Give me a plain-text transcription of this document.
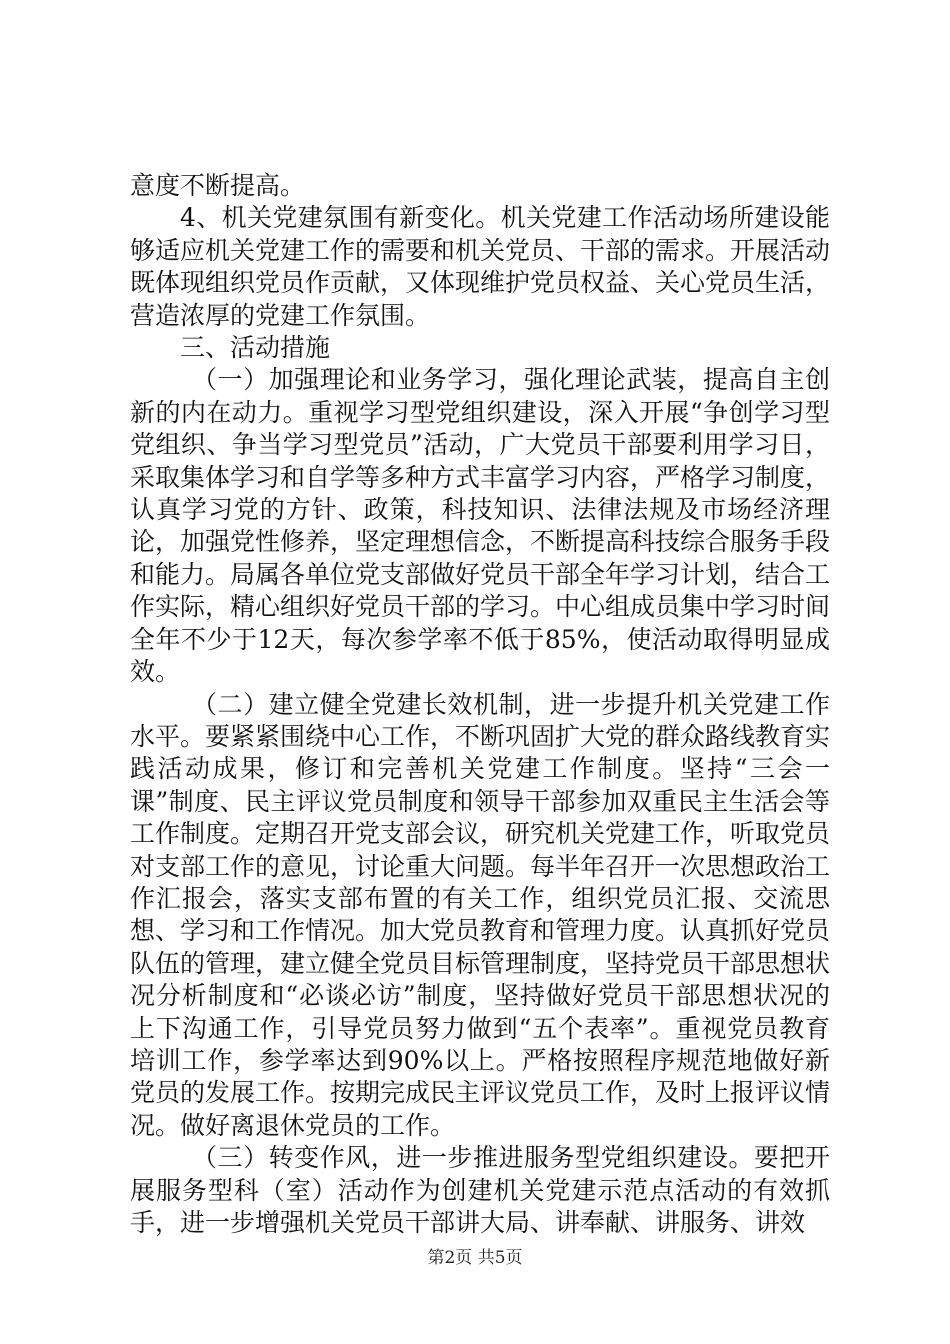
意度不断提高。

4、机关党建氛围有新变化。机关党建工作活动场所建设能够适应机关党建工作的需要和机关党员、干部的需求。开展活动既体现组织党员作贡献，又体现维护党员权益、关心党员生活，营造浓厚的党建工作氛围。

三、活动措施

（一）加强理论和业务学习，强化理论武装，提高自主创新的内在动力。重视学习型党组织建设，深入开展“争创学习型党组织、争当学习型党员”活动，广大党员干部要利用学习日，采取集体学习和自学等多种方式丰富学习内容，严格学习制度，认真学习党的方针、政策，科技知识、法律法规及市场经济理论，加强党性修养，坚定理想信念，不断提高科技综合服务手段和能力。局属各单位党支部做好党员干部全年学习计划，结合工作实际，精心组织好党员干部的学习。中心组成员集中学习时间全年不少于12天，每次参学率不低于85%，使活动取得明显成效。

（二）建立健全党建长效机制，进一步提升机关党建工作水平。要紧紧围绕中心工作，不断巩固扩大党的群众路线教育实践活动成果，修订和完善机关党建工作制度。坚持“三会一课”制度、民主评议党员制度和领导干部参加双重民主生活会等工作制度。定期召开党支部会议，研究机关党建工作，听取党员对支部工作的意见，讨论重大问题。每半年召开一次思想政治工作汇报会，落实支部布置的有关工作，组织党员汇报、交流思想、学习和工作情况。加大党员教育和管理力度。认真抓好党员队伍的管理，建立健全党员目标管理制度，坚持党员干部思想状况分析制度和“必谈必访”制度，坚持做好党员干部思想状况的上下沟通工作，引导党员努力做到“五个表率”。重视党员教育培训工作，参学率达到90%以上。严格按照程序规范地做好新党员的发展工作。按期完成民主评议党员工作，及时上报评议情况。做好离退休党员的工作。

（三）转变作风，进一步推进服务型党组织建设。要把开展服务型科（室）活动作为创建机关党建示范点活动的有效抓手，进一步增强机关党员干部讲大局、讲奉献、讲服务、讲效

第2页 共5页
